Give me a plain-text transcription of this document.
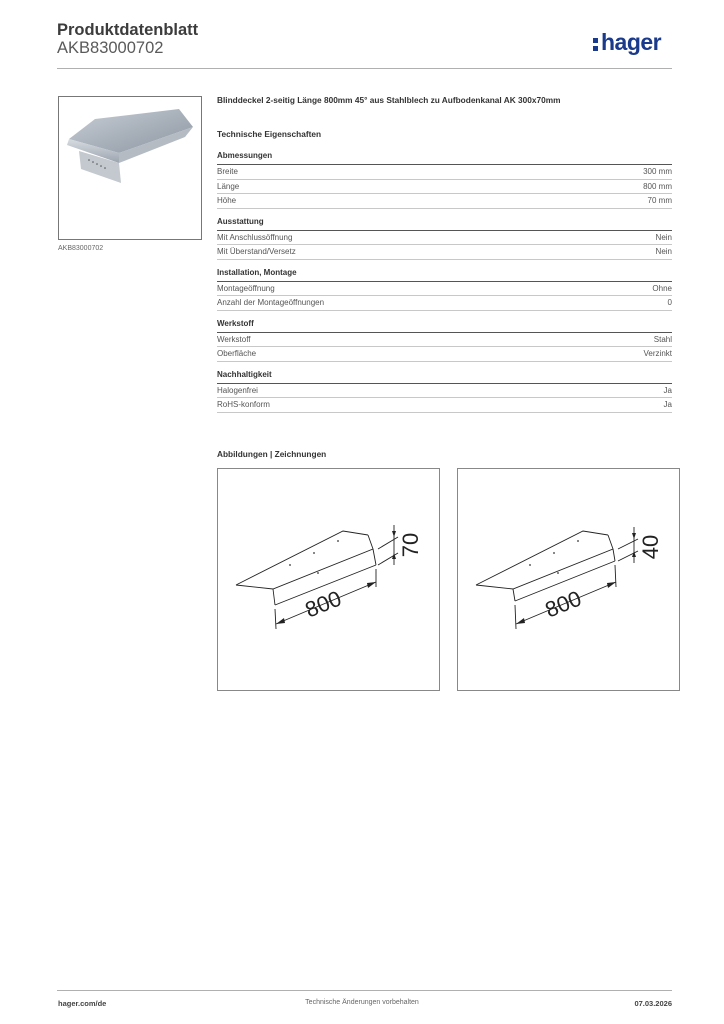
Produktdatenblatt
AKB83000702	hager
AKB83000702
Blinddeckel 2-seitig Länge 800mm 45° aus Stahlblech zu Aufbodenkanal AK 300x70mm
Technische Eigenschaften
Abmessungen
Breite	300 mm
Länge	800 mm
Höhe	70 mm
Ausstattung
Mit Anschlussöffnung	Nein
Mit Überstand/Versetz	Nein
Installation, Montage
Montageöffnung	Ohne
Anzahl der Montageöffnungen	0
Werkstoff
Werkstoff	Stahl
Oberfläche	Verzinkt
Nachhaltigkeit
Halogenfrei	Ja
RoHS-konform	Ja
Abbildungen | Zeichnungen
800
70
800
40
hager.com/de	Technische Änderungen vorbehalten	07.03.2026
